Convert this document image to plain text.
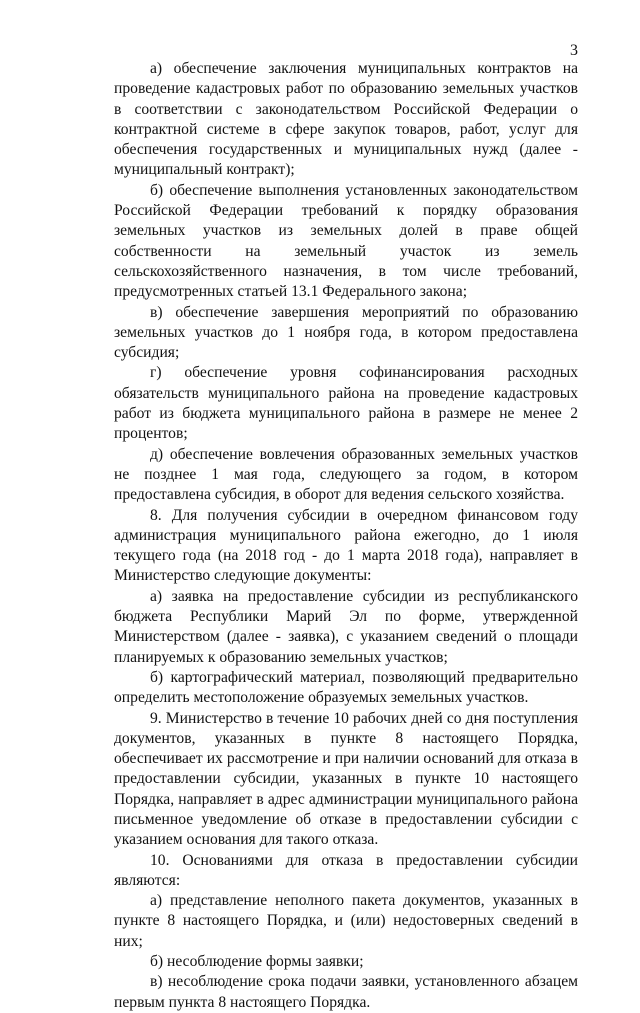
3

а) обеспечение заключения муниципальных контрактов на проведение кадастровых работ по образованию земельных участков в соответствии с законодательством Российской Федерации о контрактной системе в сфере закупок товаров, работ, услуг для обеспечения государственных и муниципальных нужд (далее - муниципальный контракт);

б) обеспечение выполнения установленных законодательством Российской Федерации требований к порядку образования земельных участков из земельных долей в праве общей собственности на земельный участок из земель сельскохозяйственного назначения, в том числе требований, предусмотренных статьей 13.1 Федерального закона;

в) обеспечение завершения мероприятий по образованию земельных участков до 1 ноября года, в котором предоставлена субсидия;

г) обеспечение уровня софинансирования расходных обязательств муниципального района на проведение кадастровых работ из бюджета муниципального района в размере не менее 2 процентов;

д) обеспечение вовлечения образованных земельных участков не позднее 1 мая года, следующего за годом, в котором предоставлена субсидия, в оборот для ведения сельского хозяйства.

8. Для получения субсидии в очередном финансовом году администрация муниципального района ежегодно, до 1 июля текущего года (на 2018 год - до 1 марта 2018 года), направляет в Министерство следующие документы:

а) заявка на предоставление субсидии из республиканского бюджета Республики Марий Эл по форме, утвержденной Министерством (далее - заявка), с указанием сведений о площади планируемых к образованию земельных участков;

б) картографический материал, позволяющий предварительно определить местоположение образуемых земельных участков.

9. Министерство в течение 10 рабочих дней со дня поступления документов, указанных в пункте 8 настоящего Порядка, обеспечивает их рассмотрение и при наличии оснований для отказа в предоставлении субсидии, указанных в пункте 10 настоящего Порядка, направляет в адрес администрации муниципального района письменное уведомление об отказе в предоставлении субсидии с указанием основания для такого отказа.

10. Основаниями для отказа в предоставлении субсидии являются:

а) представление неполного пакета документов, указанных в пункте 8 настоящего Порядка, и (или) недостоверных сведений в них;

б) несоблюдение формы заявки;

в) несоблюдение срока подачи заявки, установленного абзацем первым пункта 8 настоящего Порядка.
